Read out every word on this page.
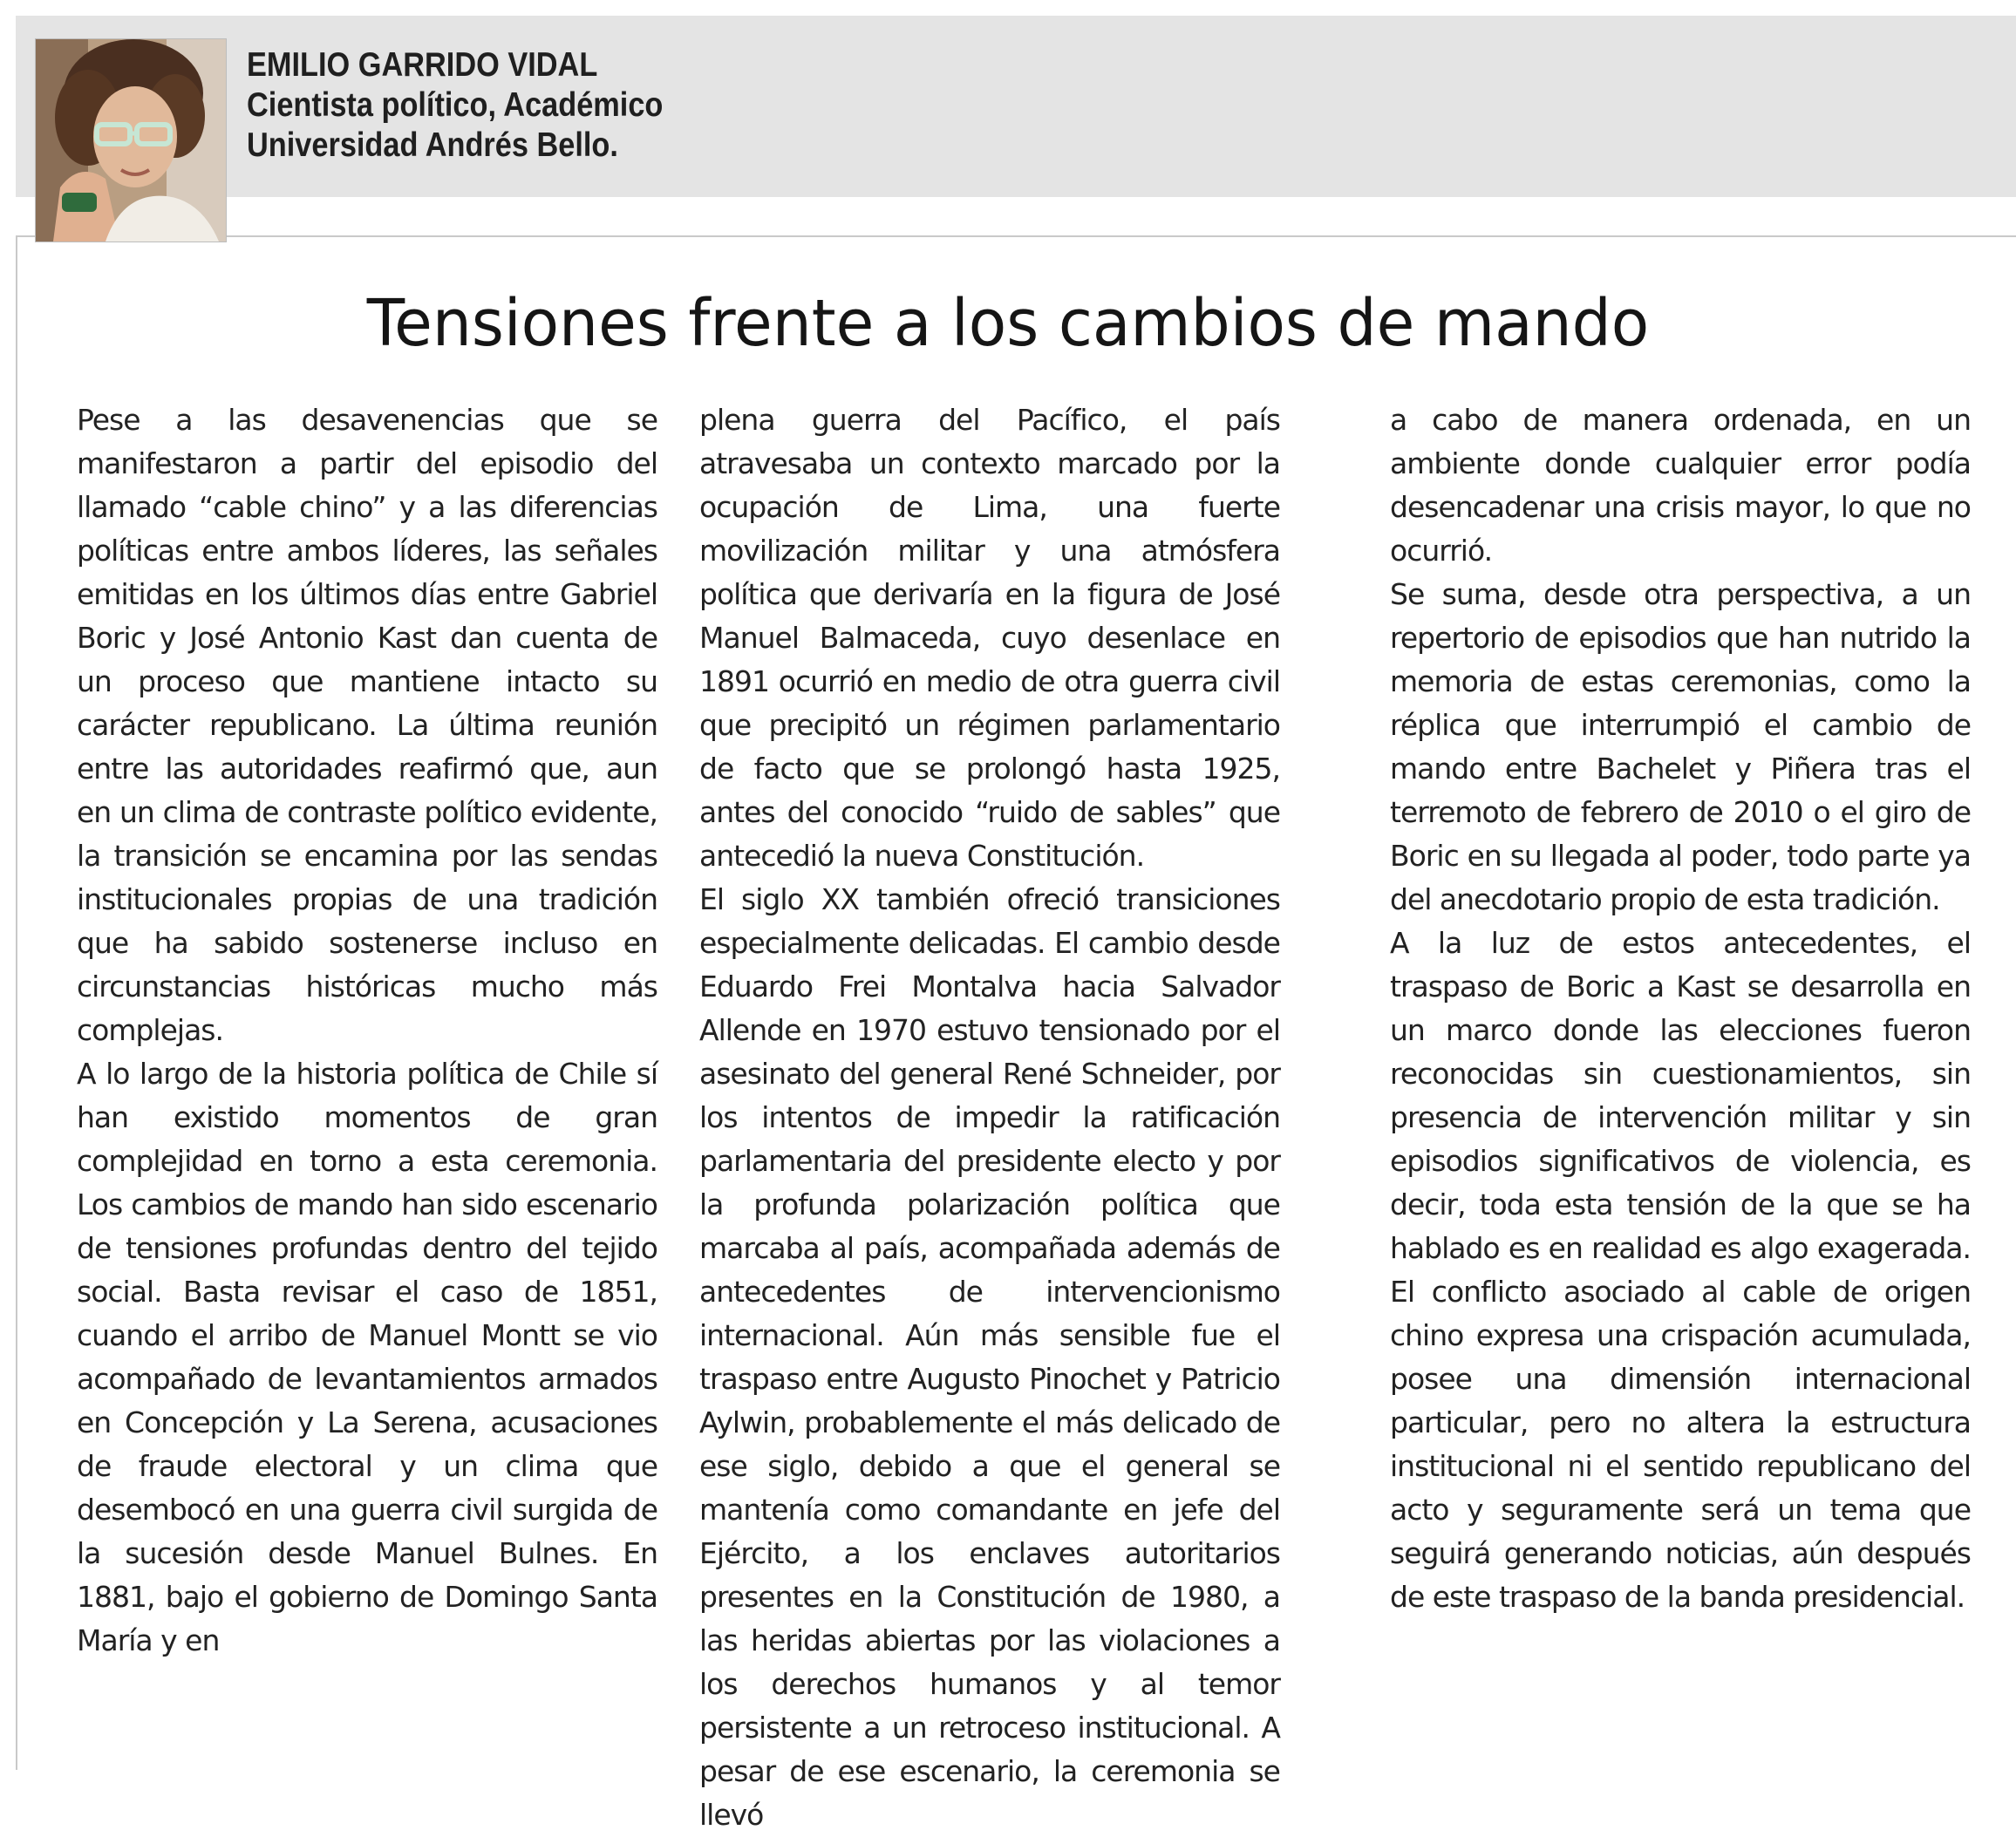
EMILIO GARRIDO VIDAL
Cientista político, Académico
Universidad Andrés Bello.
Tensiones frente a los cambios de mando

Pese a las desavenencias que se manifestaron a partir del episodio del llamado “cable chino” y a las diferencias políticas entre ambos líderes, las señales emitidas en los últimos días entre Gabriel Boric y José Antonio Kast dan cuenta de un proceso que mantiene intacto su carácter republicano. La última reunión entre las autoridades reafirmó que, aun en un clima de contraste político evidente, la transición se encamina por las sendas institucionales propias de una tradición que ha sabido sostenerse incluso en circunstancias históricas mucho más complejas.

A lo largo de la historia política de Chile sí han existido momentos de gran complejidad en torno a esta ceremonia. Los cambios de mando han sido escenario de tensiones profundas dentro del tejido social. Basta revisar el caso de 1851, cuando el arribo de Manuel Montt se vio acompañado de levantamientos armados en Concepción y La Serena, acusaciones de fraude electoral y un clima que desembocó en una guerra civil surgida de la sucesión desde Manuel Bulnes. En 1881, bajo el gobierno de Domingo Santa María y en

plena guerra del Pacífico, el país atravesaba un contexto marcado por la ocupación de Lima, una fuerte movilización militar y una atmósfera política que derivaría en la figura de José Manuel Balmaceda, cuyo desenlace en 1891 ocurrió en medio de otra guerra civil que precipitó un régimen parlamentario de facto que se prolongó hasta 1925, antes del conocido “ruido de sables” que antecedió la nueva Constitución.

El siglo XX también ofreció transiciones especialmente delicadas. El cambio desde Eduardo Frei Montalva hacia Salvador Allende en 1970 estuvo tensionado por el asesinato del general René Schneider, por los intentos de impedir la ratificación parlamentaria del presidente electo y por la profunda polarización política que marcaba al país, acompañada además de antecedentes de intervencionismo internacional. Aún más sensible fue el traspaso entre Augusto Pinochet y Patricio Aylwin, probablemente el más delicado de ese siglo, debido a que el general se mantenía como comandante en jefe del Ejército, a los enclaves autoritarios presentes en la Constitución de 1980, a las heridas abiertas por las violaciones a los derechos humanos y al temor persistente a un retroceso institucional. A pesar de ese escenario, la ceremonia se llevó

a cabo de manera ordenada, en un ambiente donde cualquier error podía desencadenar una crisis mayor, lo que no ocurrió.

Se suma, desde otra perspectiva, a un repertorio de episodios que han nutrido la memoria de estas ceremonias, como la réplica que interrumpió el cambio de mando entre Bachelet y Piñera tras el terremoto de febrero de 2010 o el giro de Boric en su llegada al poder, todo parte ya del anecdotario propio de esta tradición.

A la luz de estos antecedentes, el traspaso de Boric a Kast se desarrolla en un marco donde las elecciones fueron reconocidas sin cuestionamientos, sin presencia de intervención militar y sin episodios significativos de violencia, es decir, toda esta tensión de la que se ha hablado es en realidad es algo exagerada. El conflicto asociado al cable de origen chino expresa una crispación acumulada, posee una dimensión internacional particular, pero no altera la estructura institucional ni el sentido republicano del acto y seguramente será un tema que seguirá generando noticias, aún después de este traspaso de la banda presidencial.
